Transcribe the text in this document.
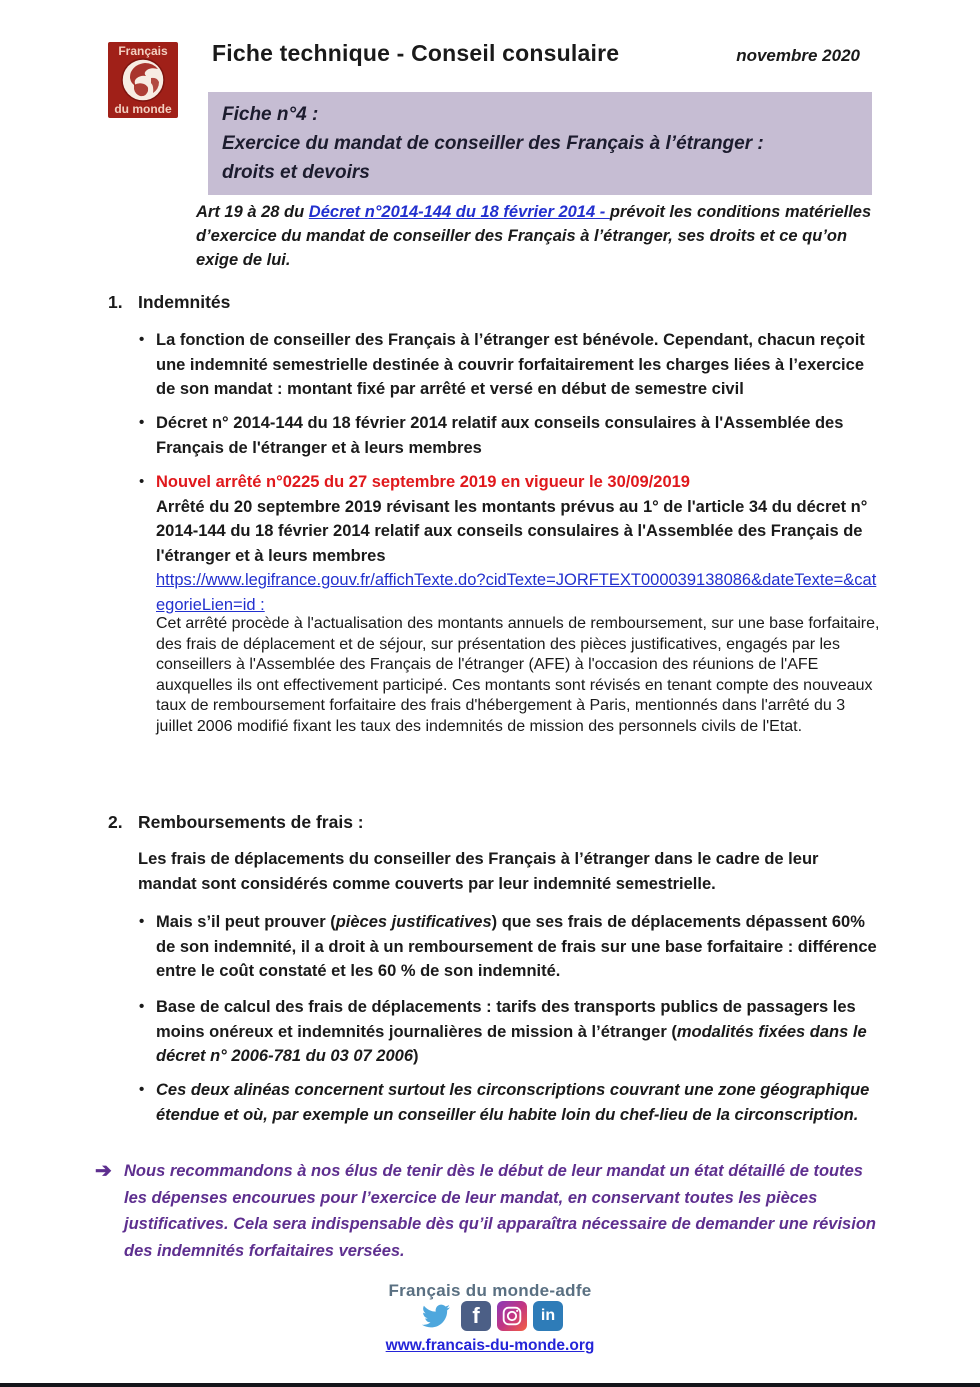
Français
du monde
Fiche technique - Conseil consulaire	novembre 2020
Fiche n°4 :
Exercice du mandat de conseiller des Français à l’étranger :
droits et devoirs
Art 19 à 28 du Décret n°2014-144 du 18 février 2014 - prévoit les conditions matérielles d’exercice du mandat de conseiller des Français à l’étranger, ses droits et ce qu’on exige de lui.
1. Indemnités
• La fonction de conseiller des Français à l’étranger est bénévole. Cependant, chacun reçoit une indemnité semestrielle destinée à couvrir forfaitairement les charges liées à l’exercice de son mandat : montant fixé par arrêté et versé en début de semestre civil
• Décret n° 2014-144 du 18 février 2014 relatif aux conseils consulaires à l'Assemblée des Français de l'étranger et à leurs membres
• Nouvel arrêté n°0225 du 27 septembre 2019 en vigueur le 30/09/2019
Arrêté du 20 septembre 2019 révisant les montants prévus au 1° de l'article 34 du décret n° 2014-144 du 18 février 2014 relatif aux conseils consulaires à l'Assemblée des Français de l'étranger et à leurs membres
https://www.legifrance.gouv.fr/affichTexte.do?cidTexte=JORFTEXT000039138086&dateTexte=&categorieLien=id :
Cet arrêté procède à l'actualisation des montants annuels de remboursement, sur une base forfaitaire, des frais de déplacement et de séjour, sur présentation des pièces justificatives, engagés par les conseillers à l'Assemblée des Français de l'étranger (AFE) à l'occasion des réunions de l'AFE auxquelles ils ont effectivement participé. Ces montants sont révisés en tenant compte des nouveaux taux de remboursement forfaitaire des frais d'hébergement à Paris, mentionnés dans l'arrêté du 3 juillet 2006 modifié fixant les taux des indemnités de mission des personnels civils de l'Etat.
2. Remboursements de frais :
Les frais de déplacements du conseiller des Français à l’étranger dans le cadre de leur mandat sont considérés comme couverts par leur indemnité semestrielle.
• Mais s’il peut prouver (pièces justificatives) que ses frais de déplacements dépassent 60% de son indemnité, il a droit à un remboursement de frais sur une base forfaitaire : différence entre le coût constaté et les 60 % de son indemnité.
• Base de calcul des frais de déplacements : tarifs des transports publics de passagers les moins onéreux et indemnités journalières de mission à l’étranger (modalités fixées dans le décret n° 2006-781 du 03 07 2006)
• Ces deux alinéas concernent surtout les circonscriptions couvrant une zone géographique étendue et où, par exemple un conseiller élu habite loin du chef-lieu de la circonscription.
➔ Nous recommandons à nos élus de tenir dès le début de leur mandat un état détaillé de toutes les dépenses encourues pour l’exercice de leur mandat, en conservant toutes les pièces justificatives. Cela sera indispensable dès qu’il apparaîtra nécessaire de demander une révision des indemnités forfaitaires versées.
Français du monde-adfe
f	in
www.francais-du-monde.org
